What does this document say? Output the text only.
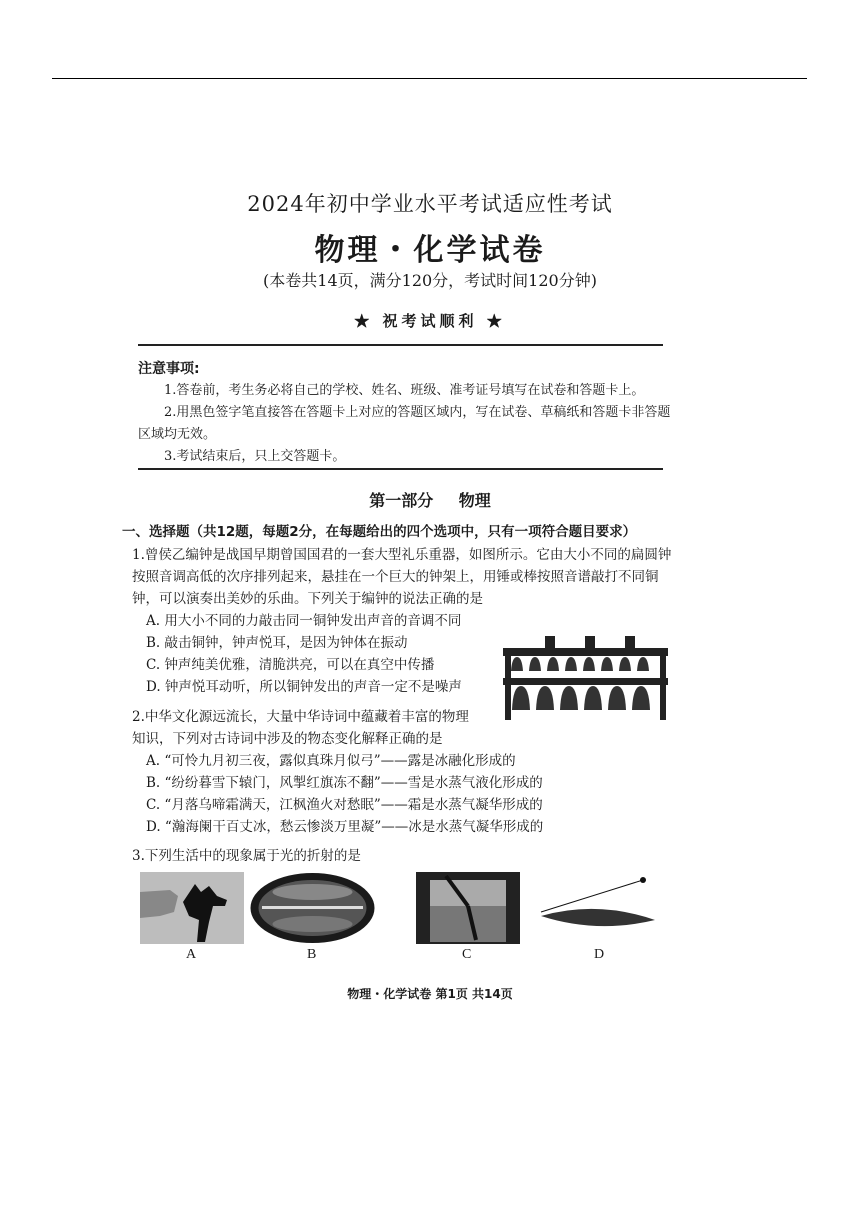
2024年初中学业水平考试适应性考试
物理・化学试卷
(本卷共14页，满分120分，考试时间120分钟)
★ 祝考试顺利 ★
注意事项:
1.答卷前，考生务必将自己的学校、姓名、班级、准考证号填写在试卷和答题卡上。
2.用黑色签字笔直接答在答题卡上对应的答题区域内，写在试卷、草稿纸和答题卡非答题区域均无效。
3.考试结束后，只上交答题卡。
第一部分 物理
一、选择题（共12题，每题2分，在每题给出的四个选项中，只有一项符合题目要求）
1.曾侯乙编钟是战国早期曾国国君的一套大型礼乐重器，如图所示。它由大小不同的扁圆钟按照音调高低的次序排列起来，悬挂在一个巨大的钟架上，用锤或棒按照音谱敲打不同铜钟，可以演奏出美妙的乐曲。下列关于编钟的说法正确的是
A. 用大小不同的力敲击同一铜钟发出声音的音调不同
B. 敲击铜钟，钟声悦耳，是因为钟体在振动
C. 钟声纯美优雅，清脆洪亮，可以在真空中传播
D. 钟声悦耳动听，所以铜钟发出的声音一定不是噪声
2.中华文化源远流长，大量中华诗词中蕴藏着丰富的物理
知识，下列对古诗词中涉及的物态变化解释正确的是
A. “可怜九月初三夜，露似真珠月似弓”——露是冰融化形成的
B. “纷纷暮雪下辕门，风掣红旗冻不翻”——雪是水蒸气液化形成的
C. “月落乌啼霜满天，江枫渔火对愁眠”——霜是水蒸气凝华形成的
D. “瀚海阑干百丈冰，愁云惨淡万里凝”——冰是水蒸气凝华形成的
3.下列生活中的现象属于光的折射的是
A	B	C	D
物理・化学试卷 第1页 共14页
